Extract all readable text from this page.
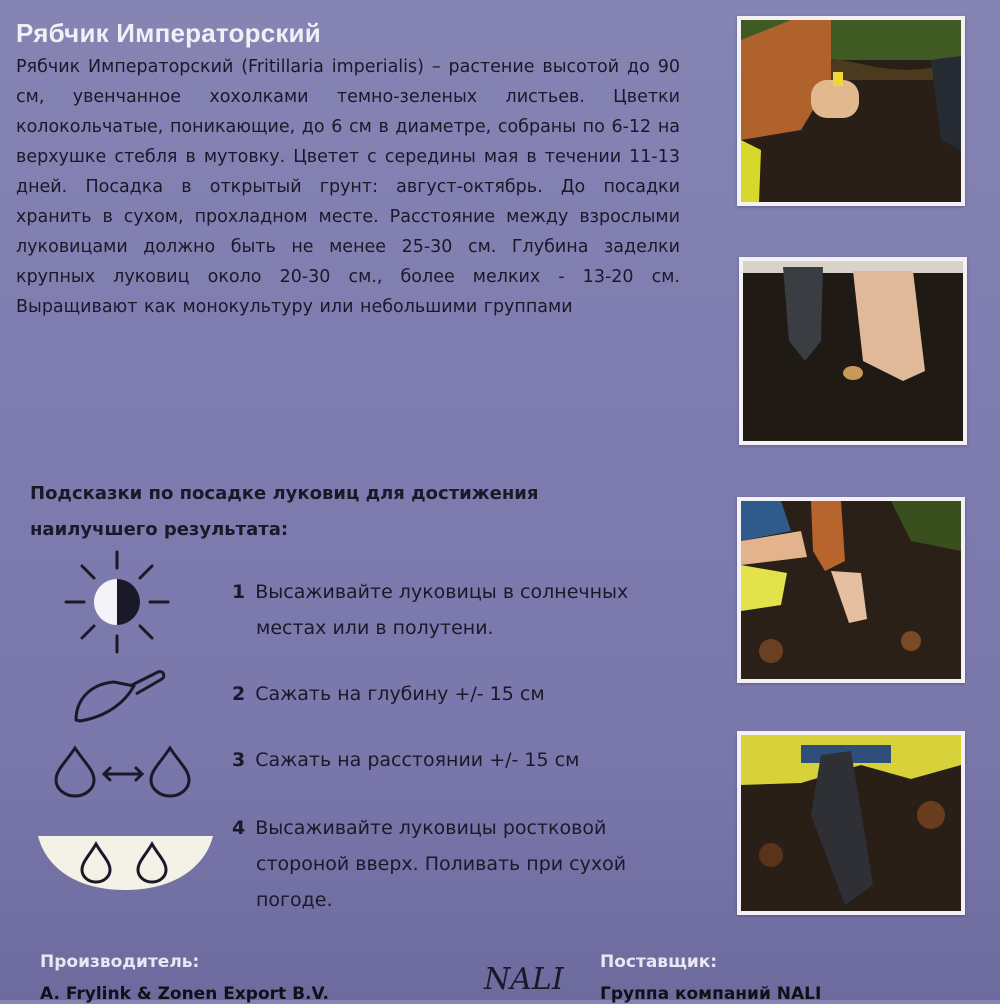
Рябчик Императорский
Рябчик Императорский (Fritillaria imperialis) – растение высотой до 90 см, увенчанное хохолками темно-зеленых листьев. Цветки колокольчатые, поникающие, до 6 см в диаметре, собраны по 6-12 на верхушке стебля в мутовку. Цветет с середины мая в течении 11-13 дней. Посадка в открытый грунт: август-октябрь. До посадки хранить в сухом, прохладном месте. Расстояние между взрослыми луковицами должно быть не менее 25-30 см. Глубина заделки крупных луковиц около 20-30 см., более мелких - 13-20 см. Выращивают как монокультуру или небольшими группами
Подсказки по посадке луковиц для достижения
наилучшего результата:
1 Высаживайте луковицы в солнечных
местах или в полутени.
2 Сажать на глубину +/- 15 см
3 Сажать на расстоянии +/- 15 см
4 Высаживайте луковицы ростковой
стороной вверх. Поливать при сухой
погоде.
Производитель:
A. Frylink & Zonen Export B.V.	NALI Поставщик:
Группа компаний NALI
